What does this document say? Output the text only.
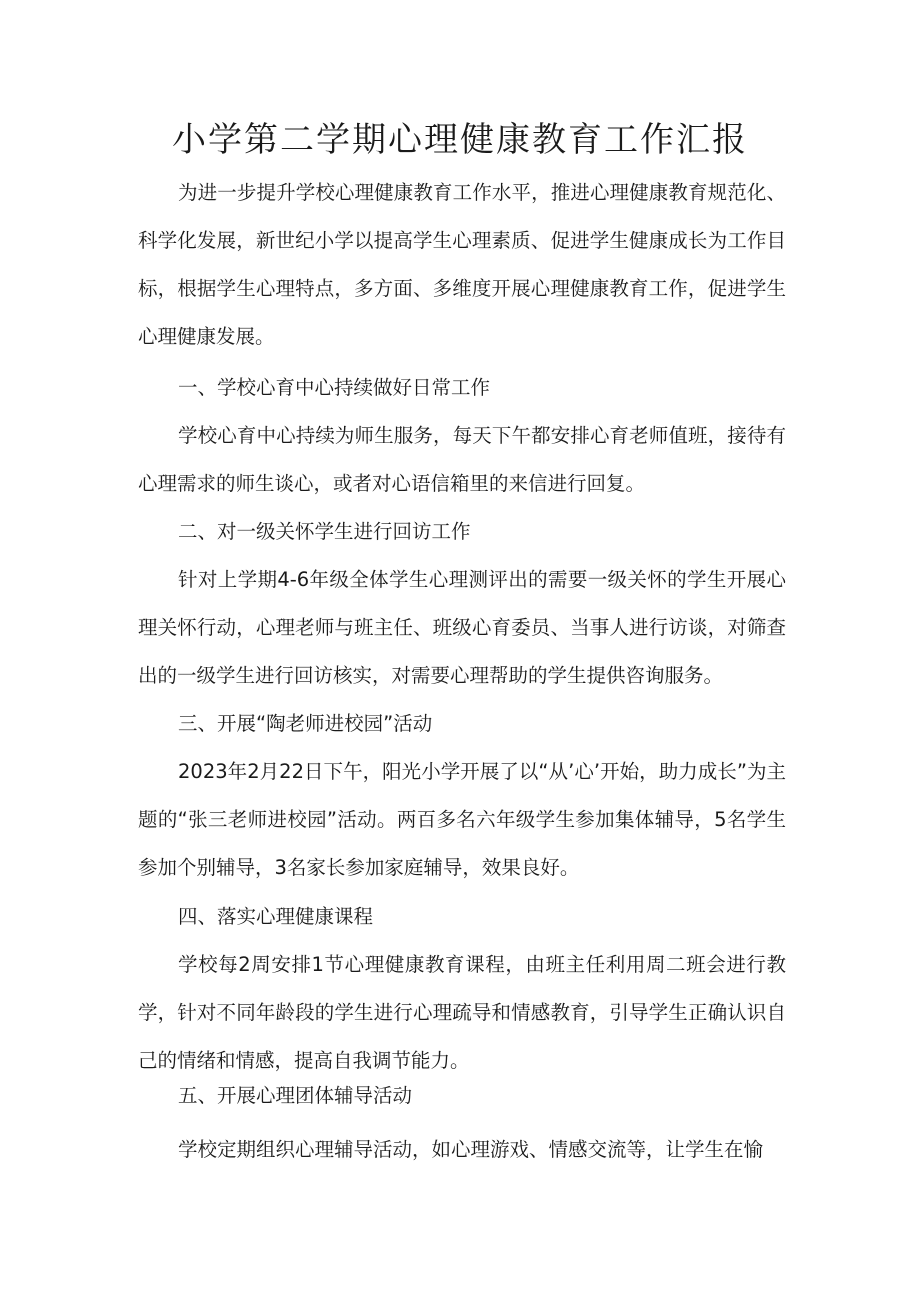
小学第二学期心理健康教育工作汇报

为进一步提升学校心理健康教育工作水平，推进心理健康教育规范化、科学化发展，新世纪小学以提高学生心理素质、促进学生健康成长为工作目标，根据学生心理特点，多方面、多维度开展心理健康教育工作，促进学生心理健康发展。

一、学校心育中心持续做好日常工作

学校心育中心持续为师生服务，每天下午都安排心育老师值班，接待有心理需求的师生谈心，或者对心语信箱里的来信进行回复。

二、对一级关怀学生进行回访工作

针对上学期4-6年级全体学生心理测评出的需要一级关怀的学生开展心理关怀行动，心理老师与班主任、班级心育委员、当事人进行访谈，对筛查出的一级学生进行回访核实，对需要心理帮助的学生提供咨询服务。

三、开展“陶老师进校园”活动

2023年2月22日下午，阳光小学开展了以“从’心’开始，助力成长”为主题的“张三老师进校园”活动。两百多名六年级学生参加集体辅导，5名学生参加个别辅导，3名家长参加家庭辅导，效果良好。

四、落实心理健康课程

学校每2周安排1节心理健康教育课程，由班主任利用周二班会进行教学，针对不同年龄段的学生进行心理疏导和情感教育，引导学生正确认识自己的情绪和情感，提高自我调节能力。

五、开展心理团体辅导活动

学校定期组织心理辅导活动，如心理游戏、情感交流等，让学生在愉
